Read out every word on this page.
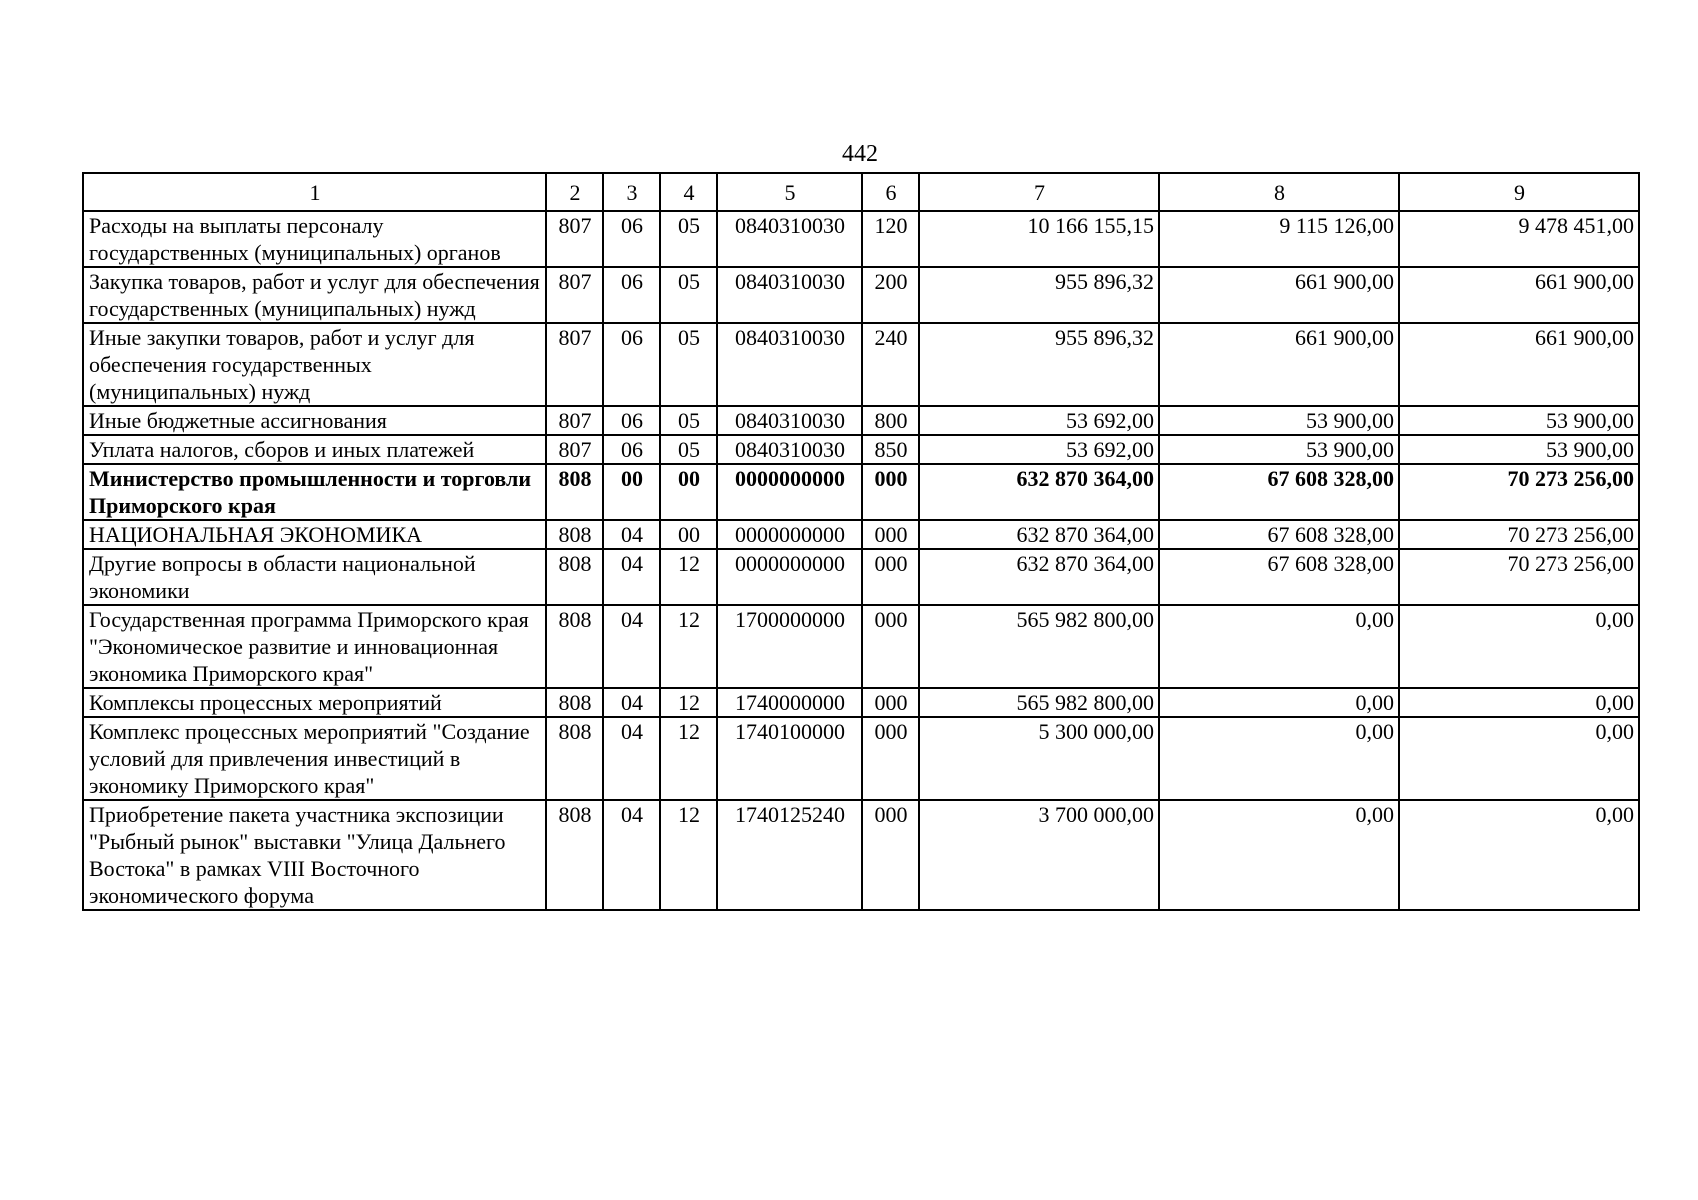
442
1	2	3	4	5	6	7	8	9
Расходы на выплаты персоналу государственных (муниципальных) органов	807	06	05	0840310030	120	10 166 155,15	9 115 126,00	9 478 451,00
Закупка товаров, работ и услуг для обеспечения государственных (муниципальных) нужд	807	06	05	0840310030	200	955 896,32	661 900,00	661 900,00
Иные закупки товаров, работ и услуг для обеспечения государственных (муниципальных) нужд	807	06	05	0840310030	240	955 896,32	661 900,00	661 900,00
Иные бюджетные ассигнования	807	06	05	0840310030	800	53 692,00	53 900,00	53 900,00
Уплата налогов, сборов и иных платежей	807	06	05	0840310030	850	53 692,00	53 900,00	53 900,00
Министерство промышленности и торговли Приморского края	808	00	00	0000000000	000	632 870 364,00	67 608 328,00	70 273 256,00
НАЦИОНАЛЬНАЯ ЭКОНОМИКА	808	04	00	0000000000	000	632 870 364,00	67 608 328,00	70 273 256,00
Другие вопросы в области национальной экономики	808	04	12	0000000000	000	632 870 364,00	67 608 328,00	70 273 256,00
Государственная программа Приморского края "Экономическое развитие и инновационная экономика Приморского края"	808	04	12	1700000000	000	565 982 800,00	0,00	0,00
Комплексы процессных мероприятий	808	04	12	1740000000	000	565 982 800,00	0,00	0,00
Комплекс процессных мероприятий "Создание условий для привлечения инвестиций в экономику Приморского края"	808	04	12	1740100000	000	5 300 000,00	0,00	0,00
Приобретение пакета участника экспозиции "Рыбный рынок" выставки "Улица Дальнего Востока" в рамках VIII Восточного экономического форума	808	04	12	1740125240	000	3 700 000,00	0,00	0,00
